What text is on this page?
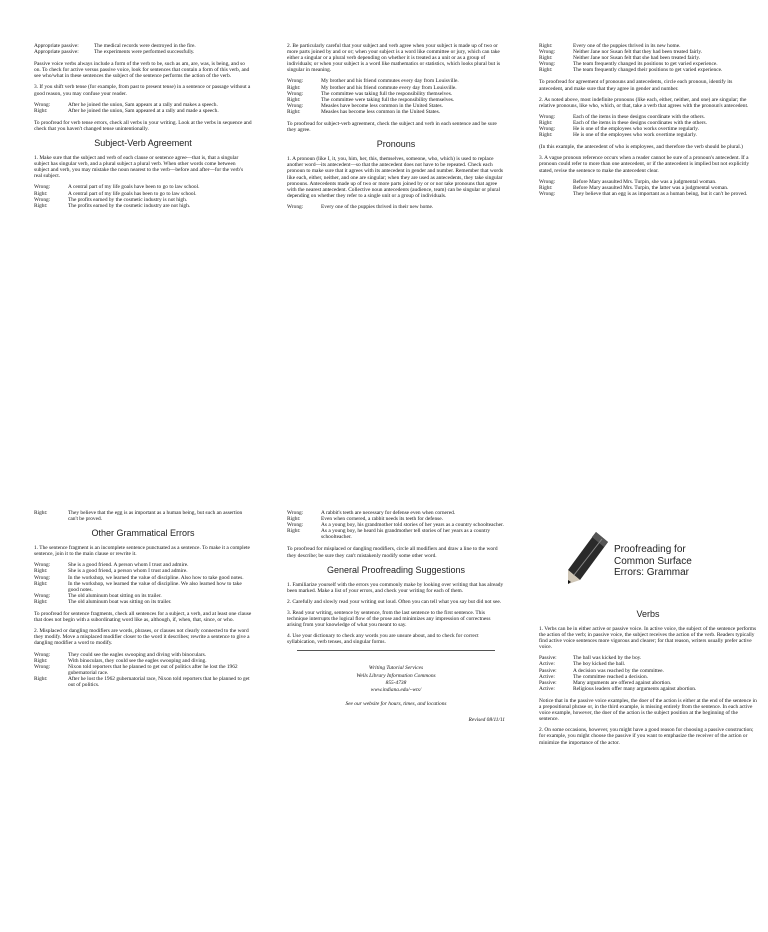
Appropriate passive:	The medical records were destroyed in the fire.
Appropriate passive:	The experiments were performed successfully.

Passive voice verbs always include a form of the verb to be, such as am, are, was, is being, and so on. To check for active versus passive voice, look for sentences that contain a form of this verb, and see who/what in these sentences the subject of the sentence performs the action of the verb.

3. If you shift verb tense (for example, from past to present tense) in a sentence or passage without a good reason, you may confuse your reader.

Wrong:	After he joined the union, Sam appears at a rally and makes a speech.
Right:	After he joined the union, Sam appeared at a rally and made a speech.

To proofread for verb tense errors, check all verbs in your writing. Look at the verbs in sequence and check that you haven't changed tense unintentionally.

Subject-Verb Agreement

1. Make sure that the subject and verb of each clause or sentence agree—that is, that a singular subject has singular verb, and a plural subject a plural verb. When other words come between subject and verb, you may mistake the noun nearest to the verb—before and after—for the verb's real subject.

Wrong:	A central part of my life goals have been to go to law school.
Right:	A central part of my life goals has been to go to law school.
Wrong:	The profits earned by the cosmetic industry is not high.
Right:	The profits earned by the cosmetic industry are not high.

2. Be particularly careful that your subject and verb agree when your subject is made up of two or more parts joined by and or or; when your subject is a word like committee or jury, which can take either a singular or a plural verb depending on whether it is treated as a unit or as a group of individuals; or when your subject is a word like mathematics or statistics, which looks plural but is singular in meaning.

Wrong:	My brother and his friend commutes every day from Louisville.
Right:	My brother and his friend commute every day from Louisville.
Wrong:	The committee was taking full the responsibility themselves.
Right:	The committee were taking full the responsibility themselves.
Wrong:	Measles have become less common in the United States.
Right:	Measles has become less common in the United States.

To proofread for subject-verb agreement, check the subject and verb in each sentence and be sure they agree.

Pronouns

1. A pronoun (like I, it, you, him, her, this, themselves, someone, who, which) is used to replace another word—its antecedent—so that the antecedent does not have to be repeated. Check each pronoun to make sure that it agrees with its antecedent in gender and number. Remember that words like each, either, neither, and one are singular; when they are used as antecedents, they take singular pronouns. Antecedents made up of two or more parts joined by or or nor take pronouns that agree with the nearest antecedent. Collective noun antecedents (audience, team) can be singular or plural depending on whether they refer to a single unit or a group of individuals.

Wrong:	Every one of the puppies thrived in their new home.
Right:	Every one of the puppies thrived in its new home.
Wrong:	Neither Jane nor Susan felt that they had been treated fairly.
Right:	Neither Jane nor Susan felt that she had been treated fairly.
Wrong:	The team frequently changed its positions to get varied experience.
Right:	The team frequently changed their positions to get varied experience.

To proofread for agreement of pronouns and antecedents, circle each pronoun, identify its antecedent, and make sure that they agree in gender and number.

2. As noted above, most indefinite pronouns (like each, either, neither, and one) are singular; the relative pronouns, like who, which, or that, take a verb that agrees with the pronoun's antecedent.

Wrong:	Each of the items in these designs coordinate with the others.
Right:	Each of the items in these designs coordinates with the others.
Wrong:	He is one of the employees who works overtime regularly.
Right:	He is one of the employees who work overtime regularly.

(In this example, the antecedent of who is employees, and therefore the verb should be plural.)

3. A vague pronoun reference occurs when a reader cannot be sure of a pronoun's antecedent. If a pronoun could refer to more than one antecedent, or if the antecedent is implied but not explicitly stated, revise the sentence to make the antecedent clear.

Wrong:	Before Mary assaulted Mrs. Turpin, she was a judgmental woman.
Right:	Before Mary assaulted Mrs. Turpin, the latter was a judgmental woman.
Wrong:	They believe that an egg is as important as a human being, but it can't be proved.
Right:	They believe that the egg is as important as a human being, but such an assertion can't be proved.
Other Grammatical Errors

1. The sentence fragment is an incomplete sentence punctuated as a sentence. To make it a complete sentence, join it to the main clause or rewrite it.

Wrong:	She is a good friend. A person whom I trust and admire.
Right:	She is a good friend, a person whom I trust and admire.
Wrong:	In the workshop, we learned the value of discipline. Also how to take good notes.
Right:	In the workshop, we learned the value of discipline. We also learned how to take good notes.
Wrong:	The old aluminum boat sitting on its trailer.
Right:	The old aluminum boat was sitting on its trailer.

To proofread for sentence fragments, check all sentences for a subject, a verb, and at least one clause that does not begin with a subordinating word like as, although, if, when, that, since, or who.

2. Misplaced or dangling modifiers are words, phrases, or clauses not clearly connected to the word they modify. Move a misplaced modifier closer to the word it describes; rewrite a sentence to give a dangling modifier a word to modify.

Wrong:	They could see the eagles swooping and diving with binoculars.
Right:	With binoculars, they could see the eagles swooping and diving.
Wrong:	Nixon told reporters that he planned to get out of politics after he lost the 1962 gubernatorial race.
Right:	After he lost the 1962 gubernatorial race, Nixon told reporters that he planned to get out of politics.
Wrong:	A rabbit's teeth are necessary for defense even when cornered.
Right:	Even when cornered, a rabbit needs its teeth for defense.
Wrong:	As a young boy, his grandmother told stories of her years as a country schoolteacher.
Right:	As a young boy, he heard his grandmother tell stories of her years as a country schoolteacher.

To proofread for misplaced or dangling modifiers, circle all modifiers and draw a line to the word they describe; be sure they can't mistakenly modify some other word.

General Proofreading Suggestions

1. Familiarize yourself with the errors you commonly make by looking over writing that has already been marked. Make a list of your errors, and check your writing for each of them.

2. Carefully and slowly read your writing out loud. Often you can tell what you say but did not see.

3. Read your writing, sentence by sentence, from the last sentence to the first sentence. This technique interrupts the logical flow of the prose and minimizes any impression of correctness arising from your knowledge of what you meant to say.

4. Use your dictionary to check any words you are unsure about, and to check for correct syllabication, verb tenses, and singular forms.

Writing Tutorial Services
Wells Library Information Commons
855-4738
www.indiana.edu/~wts/
See our website for hours, times, and locations
Revised 08/11/11
Proofreading for
Common Surface
Errors: Grammar
Verbs

1. Verbs can be in either active or passive voice. In active voice, the subject of the sentence performs the action of the verb; in passive voice, the subject receives the action of the verb. Readers typically find active voice sentences more vigorous and clearer; for that reason, writers usually prefer active voice.

Passive:	The ball was kicked by the boy.
Active:	The boy kicked the ball.
Passive:	A decision was reached by the committee.
Active:	The committee reached a decision.
Passive:	Many arguments are offered against abortion.
Active:	Religious leaders offer many arguments against abortion.

Notice that in the passive voice examples, the doer of the action is either at the end of the sentence in a prepositional phrase or, in the third example, is missing entirely from the sentence. In each active voice example, however, the doer of the action is the subject position at the beginning of the sentence.

2. On some occasions, however, you might have a good reason for choosing a passive construction; for example, you might choose the passive if you want to emphasize the receiver of the action or minimize the importance of the actor.
